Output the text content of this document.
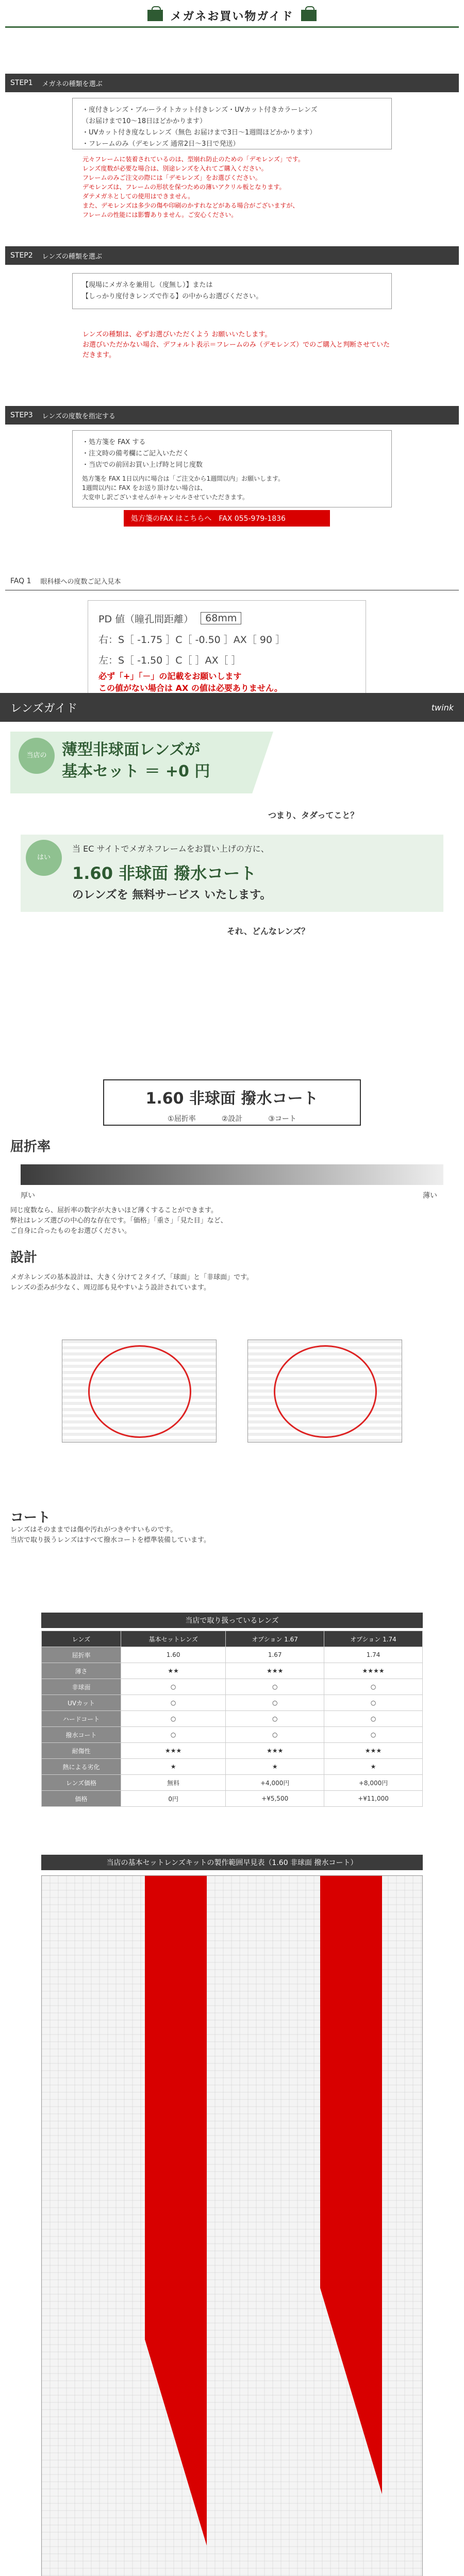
メガネお買い物ガイド
STEP1 メガネの種類を選ぶ
・度付きレンズ・ブルーライトカット付きレンズ・UVカット付きカラーレンズ
（お届けまで10〜18日ほどかかります）
・UVカット付き度なしレンズ（無色 お届けまで3日〜1週間ほどかかります）
・フレームのみ（デモレンズ 通常2日〜3日で発送）
元々フレームに装着されているのは、型崩れ防止のための「デモレンズ」です。
レンズ度数が必要な場合は、別途レンズを入れてご購入ください。
フレームのみご注文の際には「デモレンズ」をお選びください。
デモレンズは、フレームの形状を保つための薄いアクリル板となります。
ダテメガネとしての使用はできません。
また、デモレンズは多少の傷や印刷のかすれなどがある場合がございますが、
フレームの性能には影響ありません。ご安心ください。
STEP2 レンズの種類を選ぶ
【現場にメガネを兼用し（度無し）】または
【しっかり度付きレンズで作る】の中からお選びください。
レンズの種類は、必ずお選びいただくよう お願いいたします。
お選びいただかない場合、デフォルト表示＝フレームのみ（デモレンズ）でのご購入と判断させていただきます。
STEP3 レンズの度数を指定する
・処方箋を FAX する
・注文時の備考欄にご記入いただく
・当店での前回お買い上げ時と同じ度数
処方箋を FAX 1日以内に場合は「ご注文から1週間以内」お願いします。
1週間以内に FAX をお送り頂けない場合は、
大変申し訳ございませんがキャンセルさせていただきます。
処方箋のFAX はこちらへ　FAX 055-979-1836
FAQ 1 眼科様への度数ご記入見本
PD 値（瞳孔間距離）	68mm
右：S［ -1.75 ］C［ -0.50 ］AX［ 90 ］
左：S［ -1.50 ］C［ ］AX［ ］
必ず「+」「－」の記載をお願いします
この値がない場合は AX の値は必要ありません。
レンズガイド	twink
当店の 薄型非球面レンズが
基本セット ＝ +0 円
つまり、タダってこと？
はい
当 EC サイトでメガネフレームをお買い上げの方に、
1.60 非球面 撥水コート
のレンズを 無料サービス いたします。
それ、どんなレンズ？
1.60 非球面 撥水コート
①屈折率	②設計	③コート
屈折率
厚い	薄い
同じ度数なら、屈折率の数字が大きいほど薄くすることができます。
弊社はレンズ選びの中心的な存在です。「価格」「重さ」「見た目」など、
ご自身に合ったものをお選びください。
設計
メガネレンズの基本設計は、大きく分けて２タイプ、「球面」と「非球面」です。
レンズの歪みが少なく、周辺部も見やすいよう設計されています。
コート
レンズはそのままでは傷や汚れがつきやすいものです。
当店で取り扱うレンズはすべて撥水コートを標準装備しています。
当店で取り扱っているレンズ
レンズ	基本セットレンズ	オプション 1.67	オプション 1.74
屈折率	1.60	1.67	1.74
薄さ	★★	★★★	★★★★
非球面	○	○	○
UVカット	○	○	○
ハードコート	○	○	○
撥水コート	○	○	○
耐傷性	★★★	★★★	★★★
熱による劣化	★	★	★
レンズ価格	無料	+4,000円	+8,000円
価格	0円	+¥5,500	+¥11,000
当店の基本セットレンズキットの製作範囲早見表（1.60 非球面 撥水コート）
